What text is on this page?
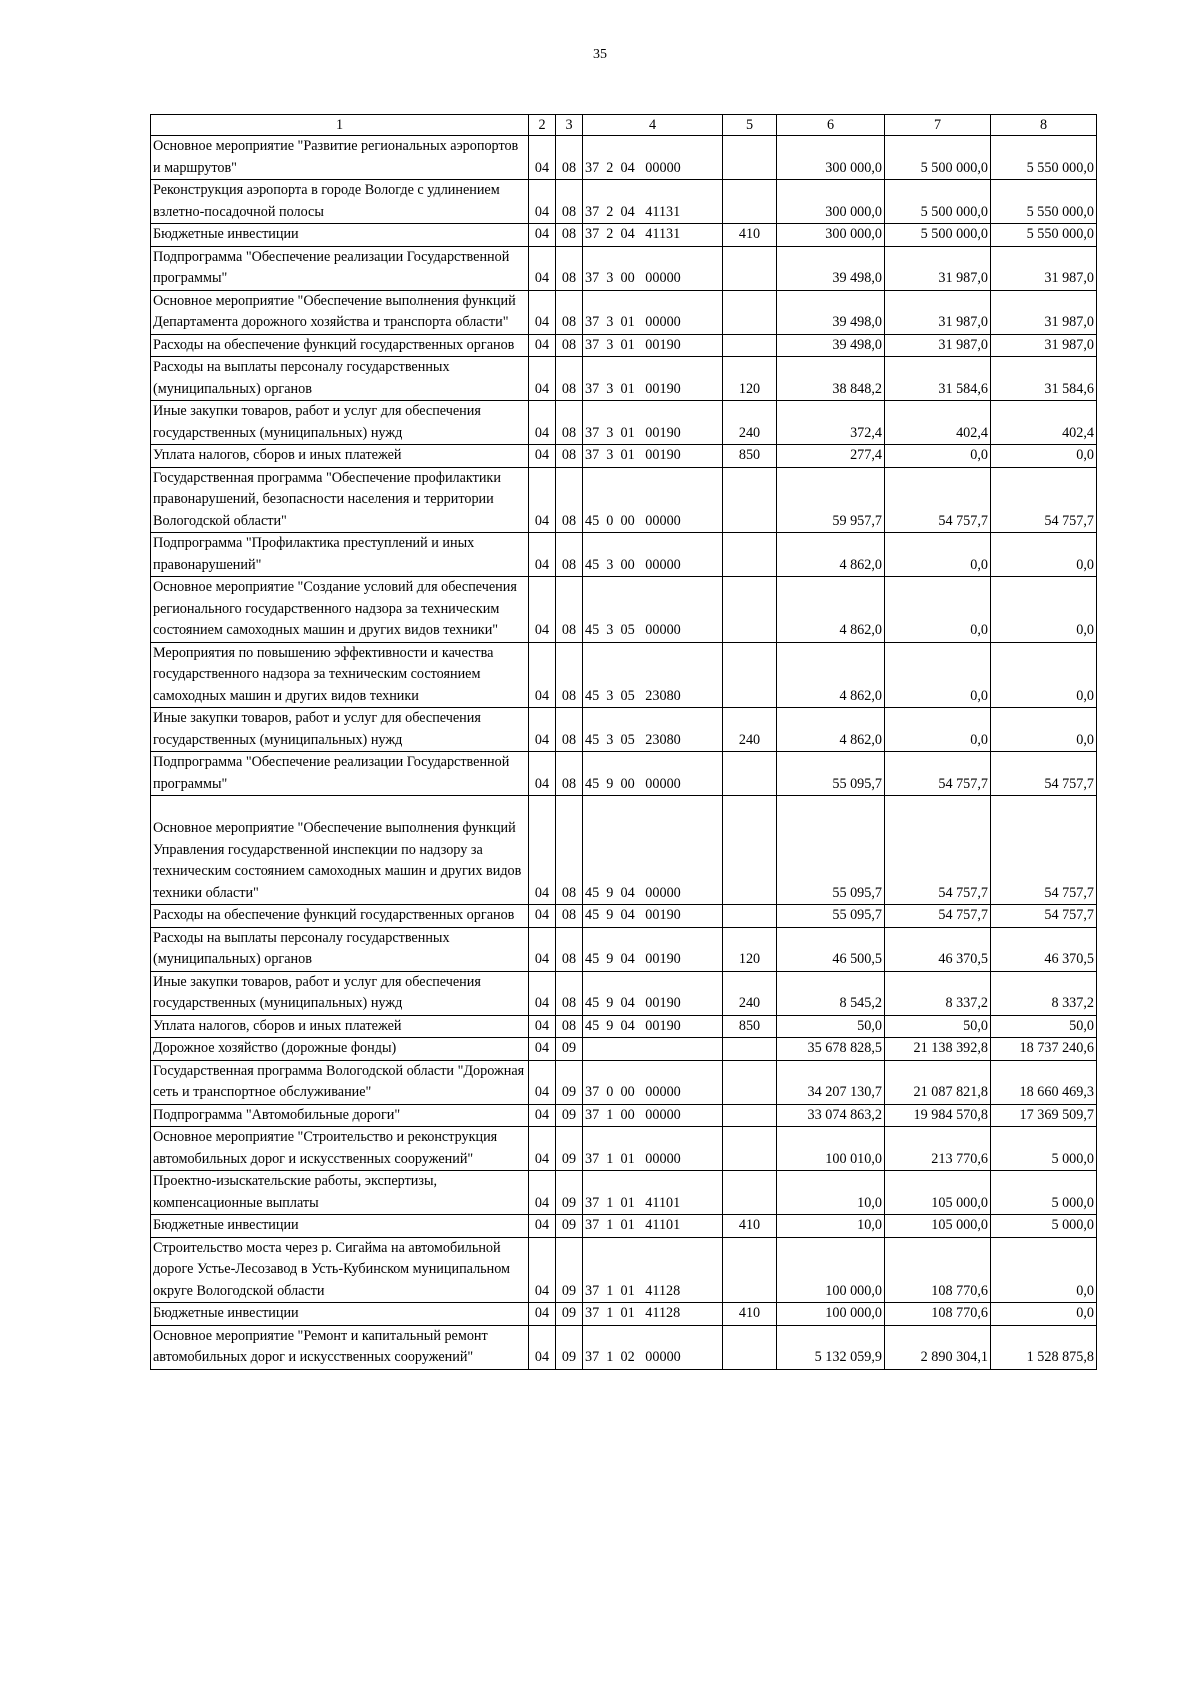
35
1	2	3	4	5	6	7	8
Основное мероприятие "Развитие региональных аэропортов и маршрутов"	04	08	37  2  04   00000		300 000,0	5 500 000,0	5 550 000,0
Реконструкция аэропорта в городе Вологде с удлинением взлетно-посадочной полосы	04	08	37  2  04   41131		300 000,0	5 500 000,0	5 550 000,0
Бюджетные инвестиции	04	08	37  2  04   41131	410	300 000,0	5 500 000,0	5 550 000,0
Подпрограмма "Обеспечение реализации Государственной программы"	04	08	37  3  00   00000		39 498,0	31 987,0	31 987,0
Основное мероприятие "Обеспечение выполнения функций Департамента дорожного хозяйства и транспорта области"	04	08	37  3  01   00000		39 498,0	31 987,0	31 987,0
Расходы на обеспечение функций государственных органов	04	08	37  3  01   00190		39 498,0	31 987,0	31 987,0
Расходы на выплаты персоналу государственных (муниципальных) органов	04	08	37  3  01   00190	120	38 848,2	31 584,6	31 584,6
Иные закупки товаров, работ и услуг для обеспечения государственных (муниципальных) нужд	04	08	37  3  01   00190	240	372,4	402,4	402,4
Уплата налогов, сборов и иных платежей	04	08	37  3  01   00190	850	277,4	0,0	0,0
Государственная программа "Обеспечение профилактики правонарушений, безопасности населения и территории Вологодской области"	04	08	45  0  00   00000		59 957,7	54 757,7	54 757,7
Подпрограмма "Профилактика преступлений и иных правонарушений"	04	08	45  3  00   00000		4 862,0	0,0	0,0
Основное мероприятие "Создание условий для обеспечения регионального государственного надзора за техническим состоянием самоходных машин и других видов техники"	04	08	45  3  05   00000		4 862,0	0,0	0,0
Мероприятия по повышению эффективности и качества государственного надзора за техническим состоянием самоходных машин и других видов техники	04	08	45  3  05   23080		4 862,0	0,0	0,0
Иные закупки товаров, работ и услуг для обеспечения государственных (муниципальных) нужд	04	08	45  3  05   23080	240	4 862,0	0,0	0,0
Подпрограмма "Обеспечение реализации Государственной программы"	04	08	45  9  00   00000		55 095,7	54 757,7	54 757,7
Основное мероприятие "Обеспечение выполнения функций Управления государственной инспекции по надзору за техническим состоянием самоходных машин и других видов техники области"	04	08	45  9  04   00000		55 095,7	54 757,7	54 757,7
Расходы на обеспечение функций государственных органов	04	08	45  9  04   00190		55 095,7	54 757,7	54 757,7
Расходы на выплаты персоналу государственных (муниципальных) органов	04	08	45  9  04   00190	120	46 500,5	46 370,5	46 370,5
Иные закупки товаров, работ и услуг для обеспечения государственных (муниципальных) нужд	04	08	45  9  04   00190	240	8 545,2	8 337,2	8 337,2
Уплата налогов, сборов и иных платежей	04	08	45  9  04   00190	850	50,0	50,0	50,0
Дорожное хозяйство (дорожные фонды)	04	09			35 678 828,5	21 138 392,8	18 737 240,6
Государственная программа Вологодской области "Дорожная сеть и транспортное обслуживание"	04	09	37  0  00   00000		34 207 130,7	21 087 821,8	18 660 469,3
Подпрограмма "Автомобильные дороги"	04	09	37  1  00   00000		33 074 863,2	19 984 570,8	17 369 509,7
Основное мероприятие "Строительство и реконструкция автомобильных дорог и искусственных сооружений"	04	09	37  1  01   00000		100 010,0	213 770,6	5 000,0
Проектно-изыскательские работы, экспертизы, компенсационные выплаты	04	09	37  1  01   41101		10,0	105 000,0	5 000,0
Бюджетные инвестиции	04	09	37  1  01   41101	410	10,0	105 000,0	5 000,0
Строительство моста через р. Сигайма на автомобильной дороге Устье-Лесозавод в Усть-Кубинском муниципальном округе Вологодской области	04	09	37  1  01   41128		100 000,0	108 770,6	0,0
Бюджетные инвестиции	04	09	37  1  01   41128	410	100 000,0	108 770,6	0,0
Основное мероприятие "Ремонт и капитальный ремонт автомобильных дорог и искусственных сооружений"	04	09	37  1  02   00000		5 132 059,9	2 890 304,1	1 528 875,8
